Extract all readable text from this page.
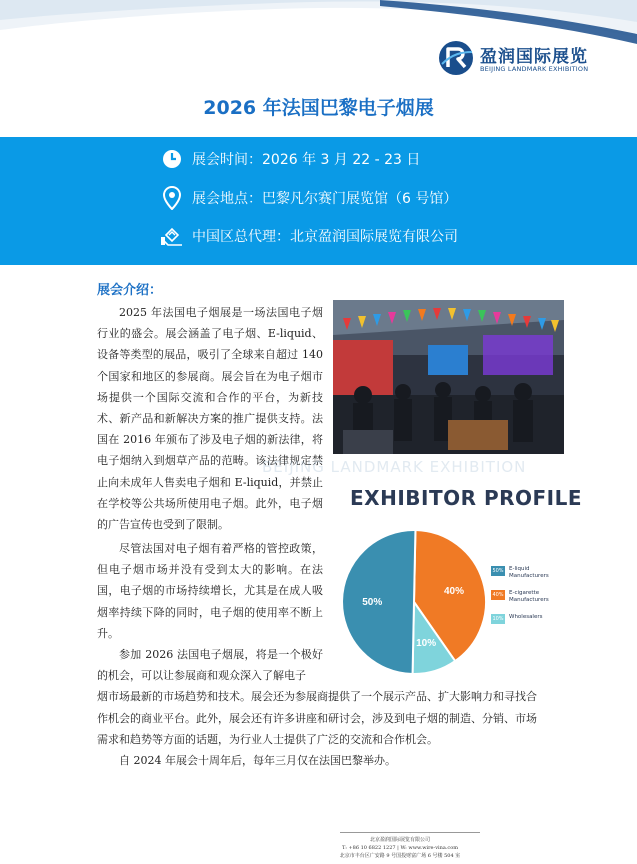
盈润国际展览
BEIJING LANDMARK EXHIBITION
2026 年法国巴黎电子烟展
展会时间：2026 年 3 月 22 - 23 日
展会地点：巴黎凡尔赛门展览馆（6 号馆）
中国区总代理：北京盈润国际展览有限公司
展会介绍：

2025 年法国电子烟展是一场法国电子烟行业的盛会。展会涵盖了电子烟、E-liquid、设备等类型的展品，吸引了全球来自超过 140 个国家和地区的参展商。展会旨在为电子烟市场提供一个国际交流和合作的平台，为新技术、新产品和新解决方案的推广提供支持。法国在 2016 年颁布了涉及电子烟的新法律，将电子烟纳入到烟草产品的范畴。该法律规定禁止向未成年人售卖电子烟和 E-liquid，并禁止在学校等公共场所使用电子烟。此外，电子烟的广告宣传也受到了限制。

BEIJING LANDMARK EXHIBITION

尽管法国对电子烟有着严格的管控政策，但电子烟市场并没有受到太大的影响。在法国，电子烟的市场持续增长，尤其是在成人吸烟率持续下降的同时，电子烟的使用率不断上升。

EXHIBITOR PROFILE
40%
10%
50%
50% E-liquid Manufacturers
40% E-cigarette Manufacturers
10% Wholesalers
参加 2026 法国电子烟展，将是一个极好的机会，可以让参展商和观众深入了解电子
烟市场最新的市场趋势和技术。展会还为参展商提供了一个展示产品、扩大影响力和寻找合作机会的商业平台。此外，展会还有许多讲座和研讨会，涉及到电子烟的制造、分销、市场需求和趋势等方面的话题，为行业人士提供了广泛的交流和合作机会。

自 2024 年展会十周年后，每年三月仅在法国巴黎举办。

北京盈润国际展览有限公司
T: +86 10 6822 1227 | W: www.wire-vina.com
北京市丰台区广安路 9 号国投财富广场 6 号楼 504 室
